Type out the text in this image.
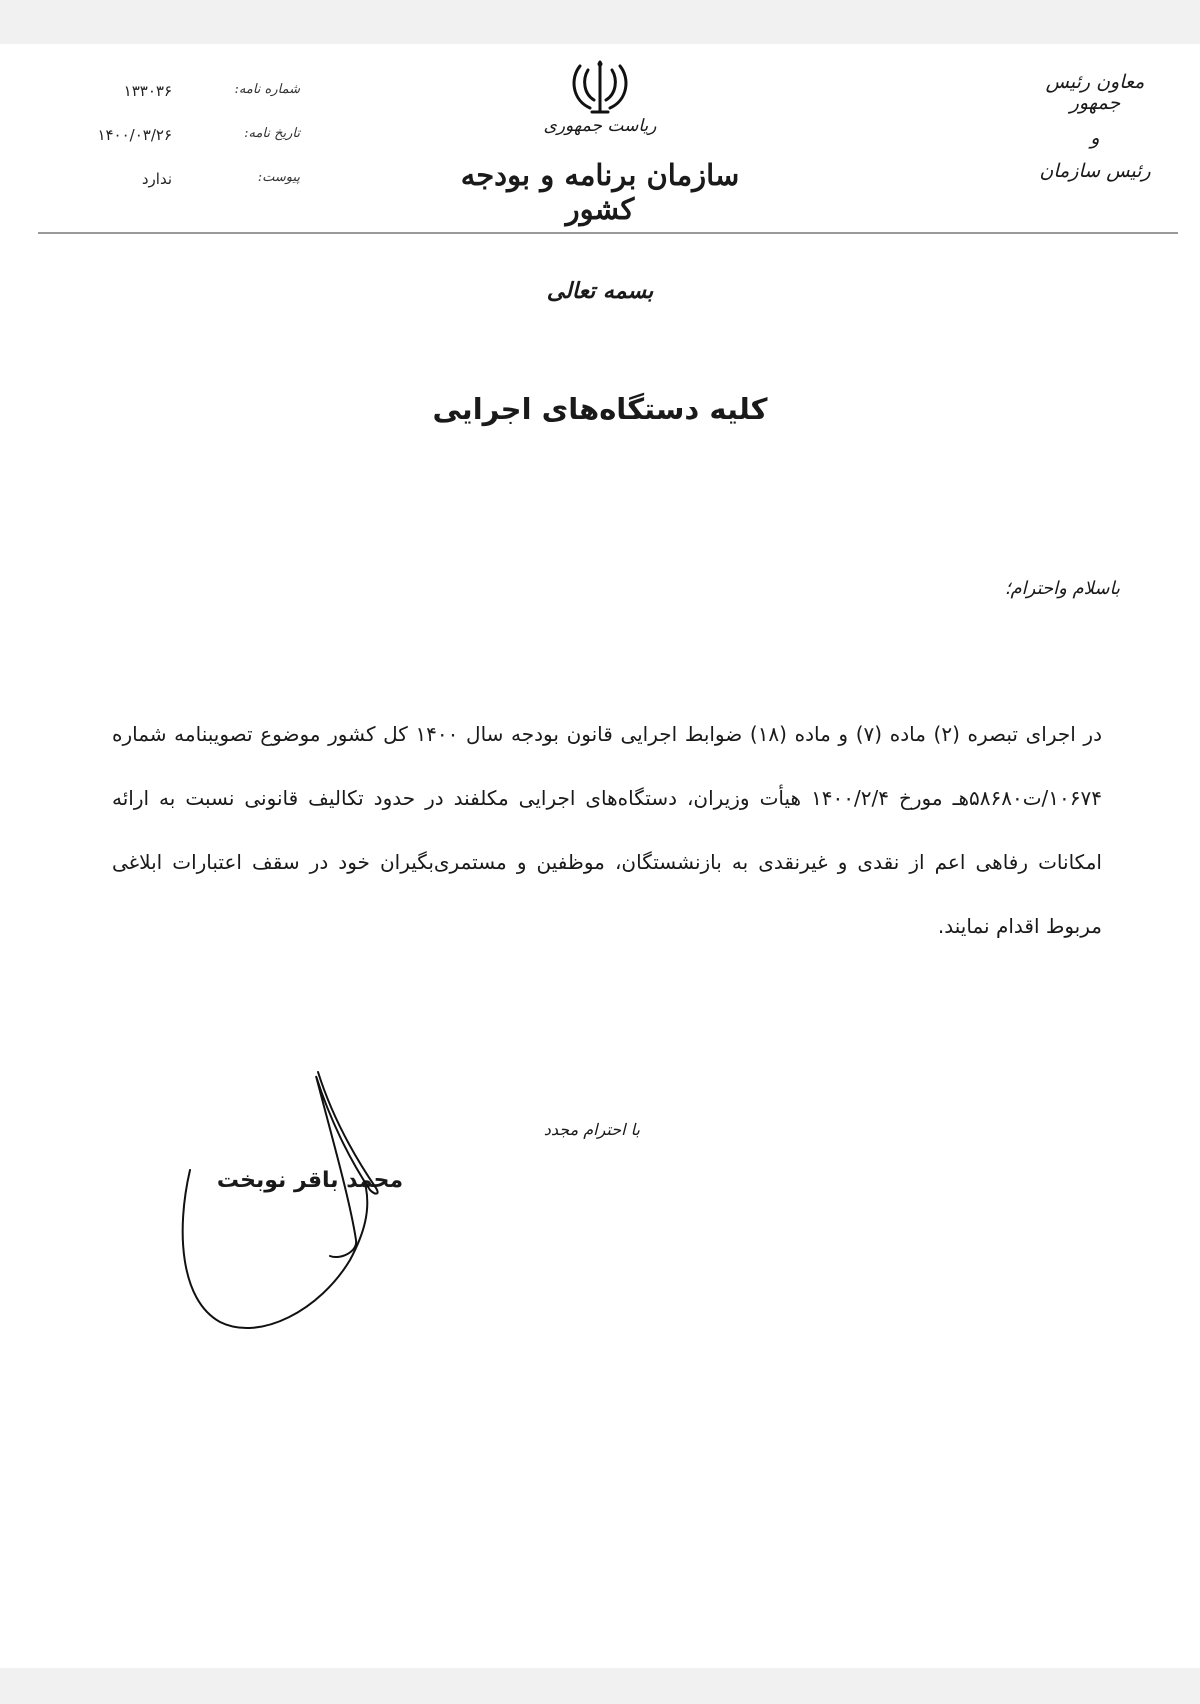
معاون رئیس جمهور
و
رئیس سازمان
ریاست جمهوری
سازمان برنامه و بودجه کشور
شماره نامه:
۱۳۳۰۳۶
تاریخ نامه:
۱۴۰۰/۰۳/۲۶
پیوست:
ندارد
بسمه تعالی
کلیه دستگاه‌های اجرایی
باسلام واحترام؛
در اجرای تبصره (۲) ماده (۷) و ماده (۱۸) ضوابط اجرایی قانون بودجه سال ۱۴۰۰ کل کشور موضوع تصویبنامه شماره ۱۰۶۷۴/ت۵۸۶۸۰هـ مورخ ۱۴۰۰/۲/۴ هیأت وزیران، دستگاه‌های اجرایی مکلفند در حدود تکالیف قانونی نسبت به ارائه امکانات رفاهی اعم از نقدی و غیرنقدی به بازنشستگان، موظفین و مستمری‌بگیران خود در سقف اعتبارات ابلاغی مربوط اقدام نمایند.
با احترام مجدد
محمد باقر نوبخت
